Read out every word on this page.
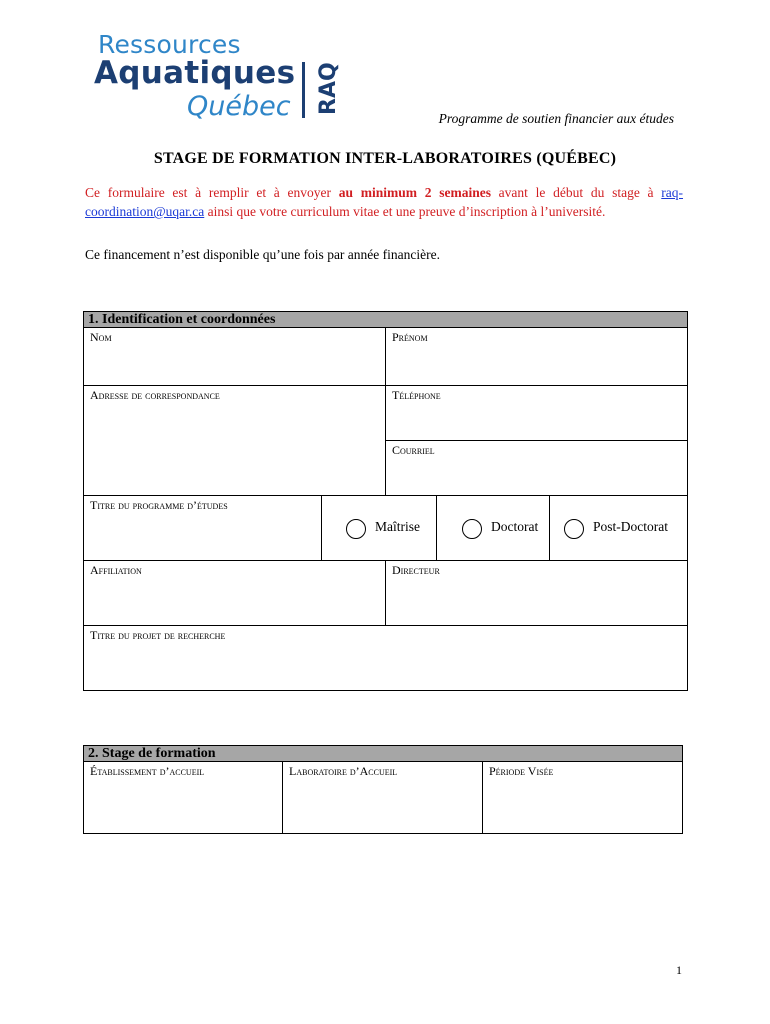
Ressources
Aquatiques
Québec RAQ
Programme de soutien financier aux études
STAGE DE FORMATION INTER-LABORATOIRES (QUÉBEC)
Ce formulaire est à remplir et à envoyer au minimum 2 semaines avant le début du stage à raq-coordination@uqar.ca ainsi que votre curriculum vitae et une preuve d’inscription à l’université.
Ce financement n’est disponible qu’une fois par année financière.
1. Identification et coordonnées
Nom	Prénom
Adresse de correspondance	Téléphone
Courriel
Titre du programme d’études
Maîtrise	Doctorat	Post-Doctorat
Affiliation	Directeur
Titre du projet de recherche
2. Stage de formation
Établissement d’accueil	Laboratoire d’Accueil	Période Visée
1
